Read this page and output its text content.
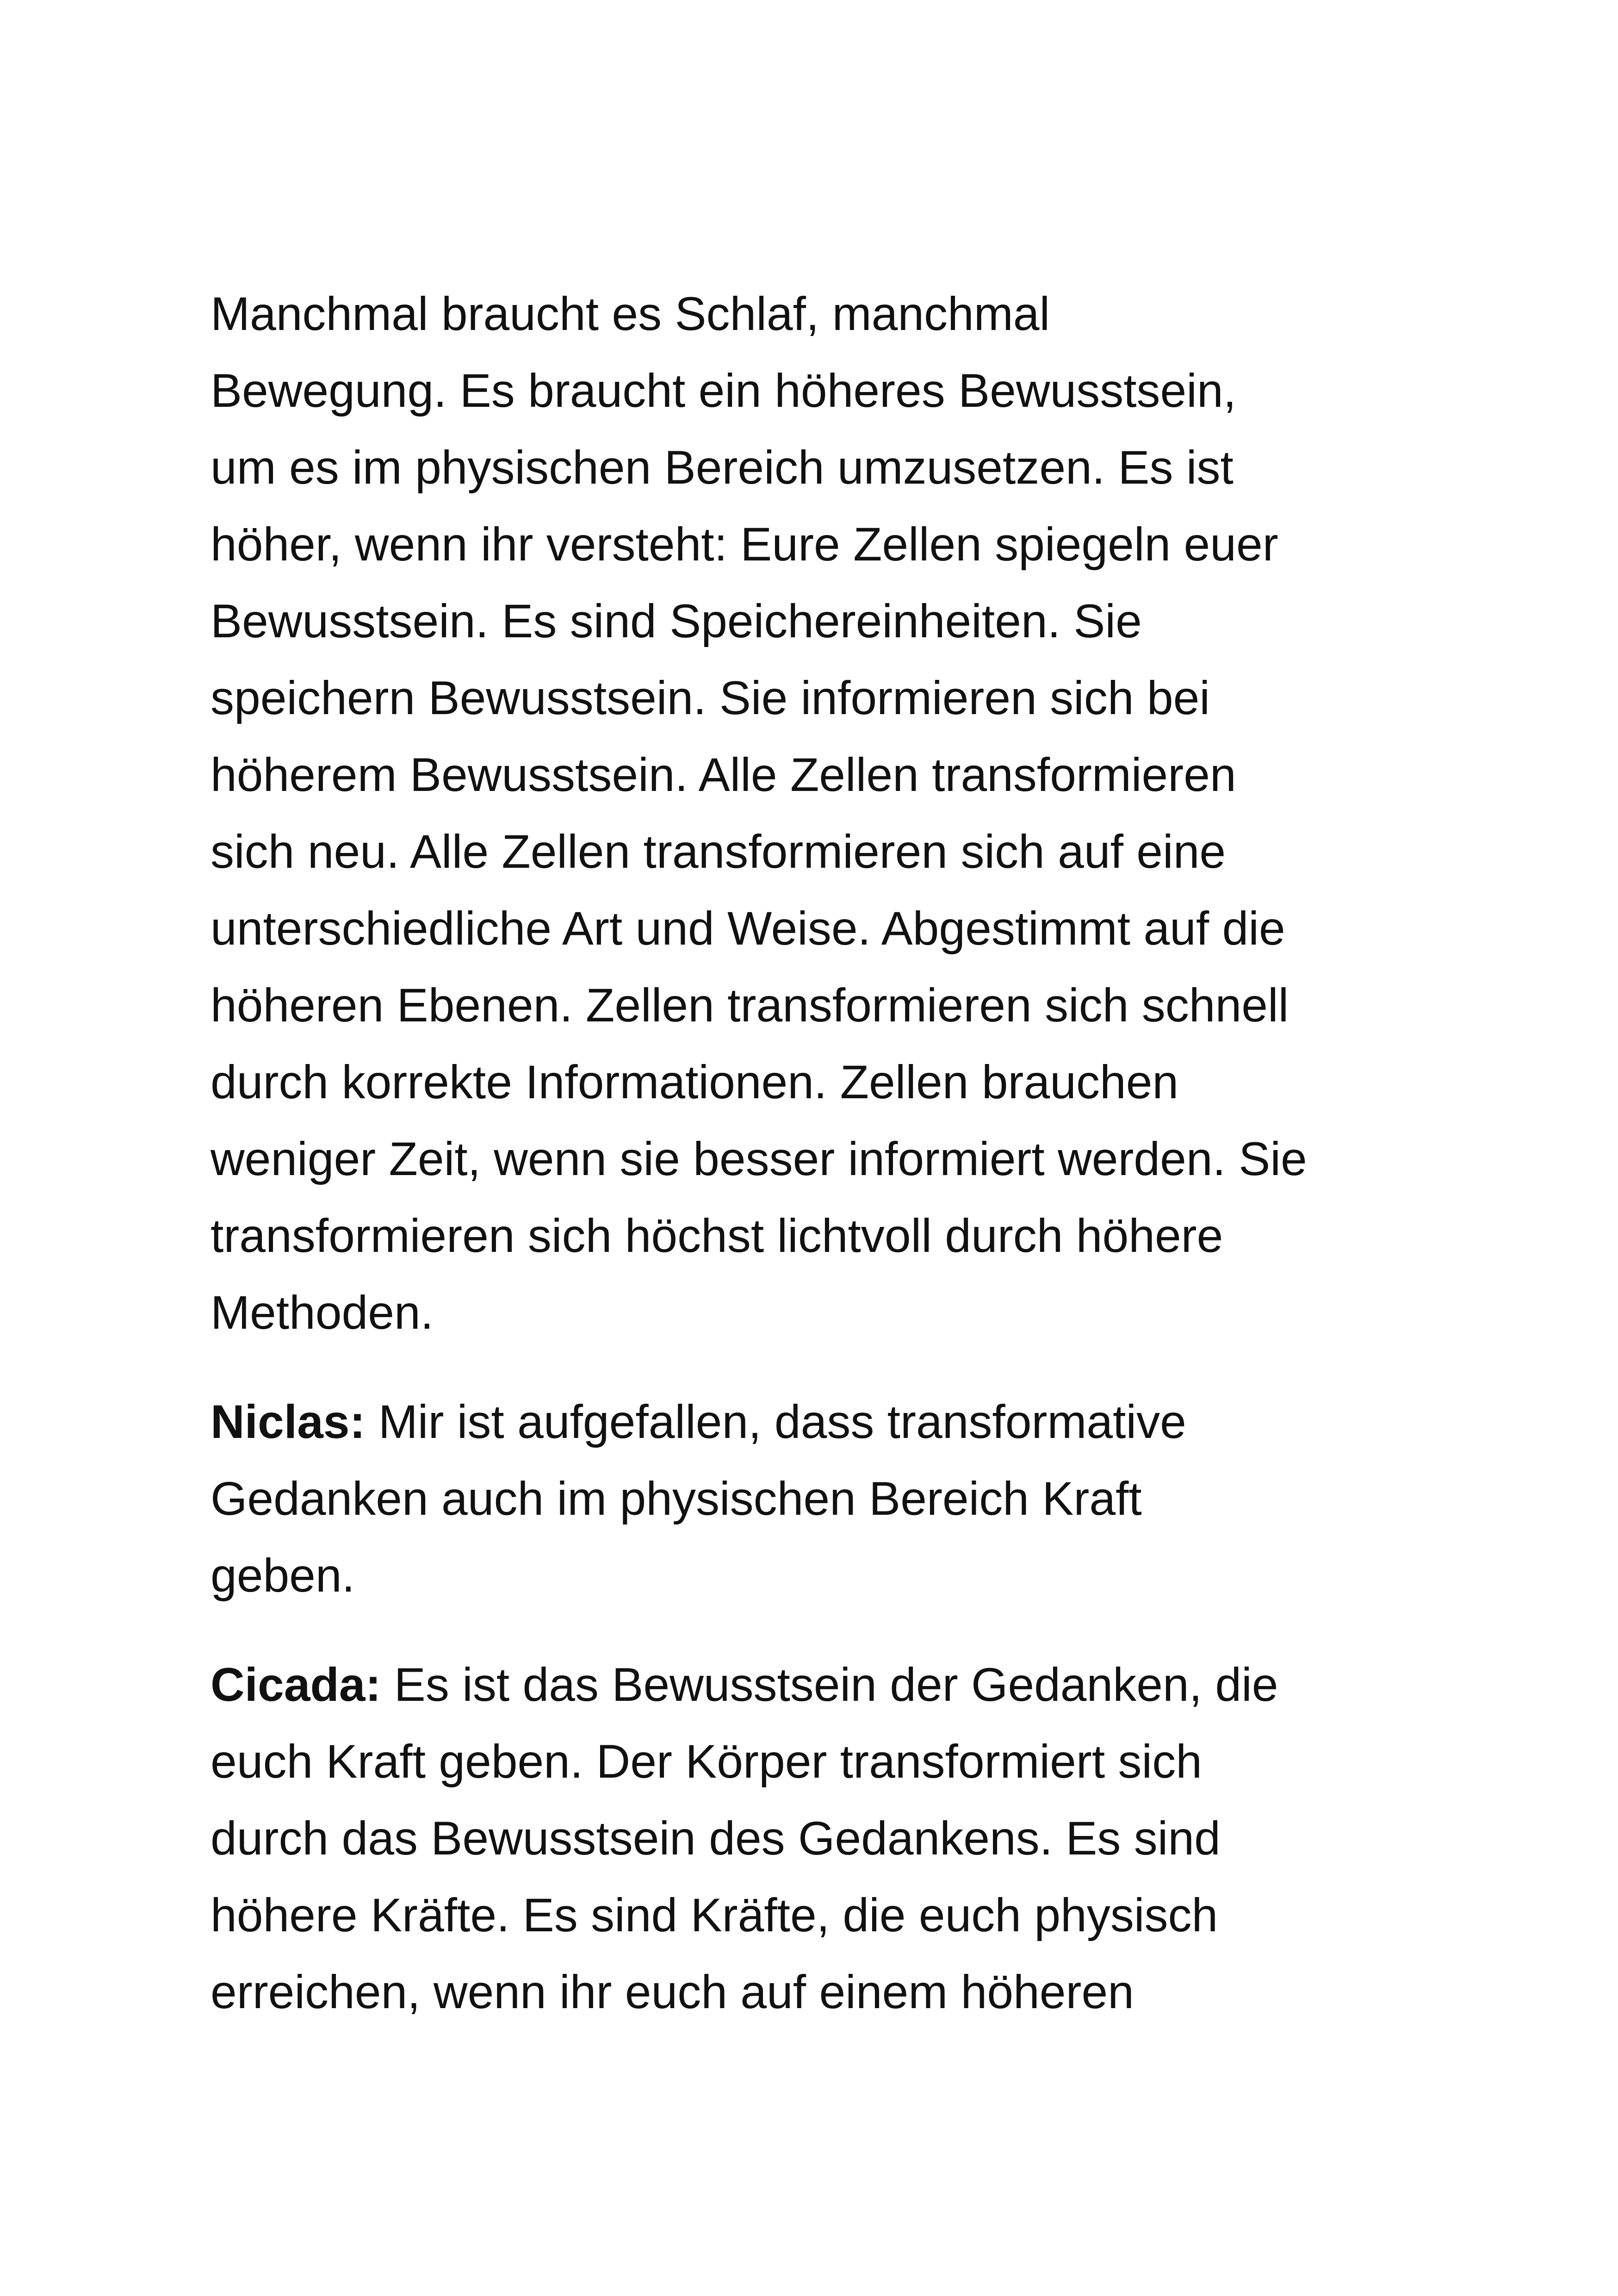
Manchmal braucht es Schlaf, manchmal
Bewegung. Es braucht ein höheres Bewusstsein,
um es im physischen Bereich umzusetzen. Es ist
höher, wenn ihr versteht: Eure Zellen spiegeln euer
Bewusstsein. Es sind Speichereinheiten. Sie
speichern Bewusstsein. Sie informieren sich bei
höherem Bewusstsein. Alle Zellen transformieren
sich neu. Alle Zellen transformieren sich auf eine
unterschiedliche Art und Weise. Abgestimmt auf die
höheren Ebenen. Zellen transformieren sich schnell
durch korrekte Informationen. Zellen brauchen
weniger Zeit, wenn sie besser informiert werden. Sie
transformieren sich höchst lichtvoll durch höhere
Methoden.
Niclas: Mir ist aufgefallen, dass transformative
Gedanken auch im physischen Bereich Kraft
geben.
Cicada: Es ist das Bewusstsein der Gedanken, die
euch Kraft geben. Der Körper transformiert sich
durch das Bewusstsein des Gedankens. Es sind
höhere Kräfte. Es sind Kräfte, die euch physisch
erreichen, wenn ihr euch auf einem höheren
